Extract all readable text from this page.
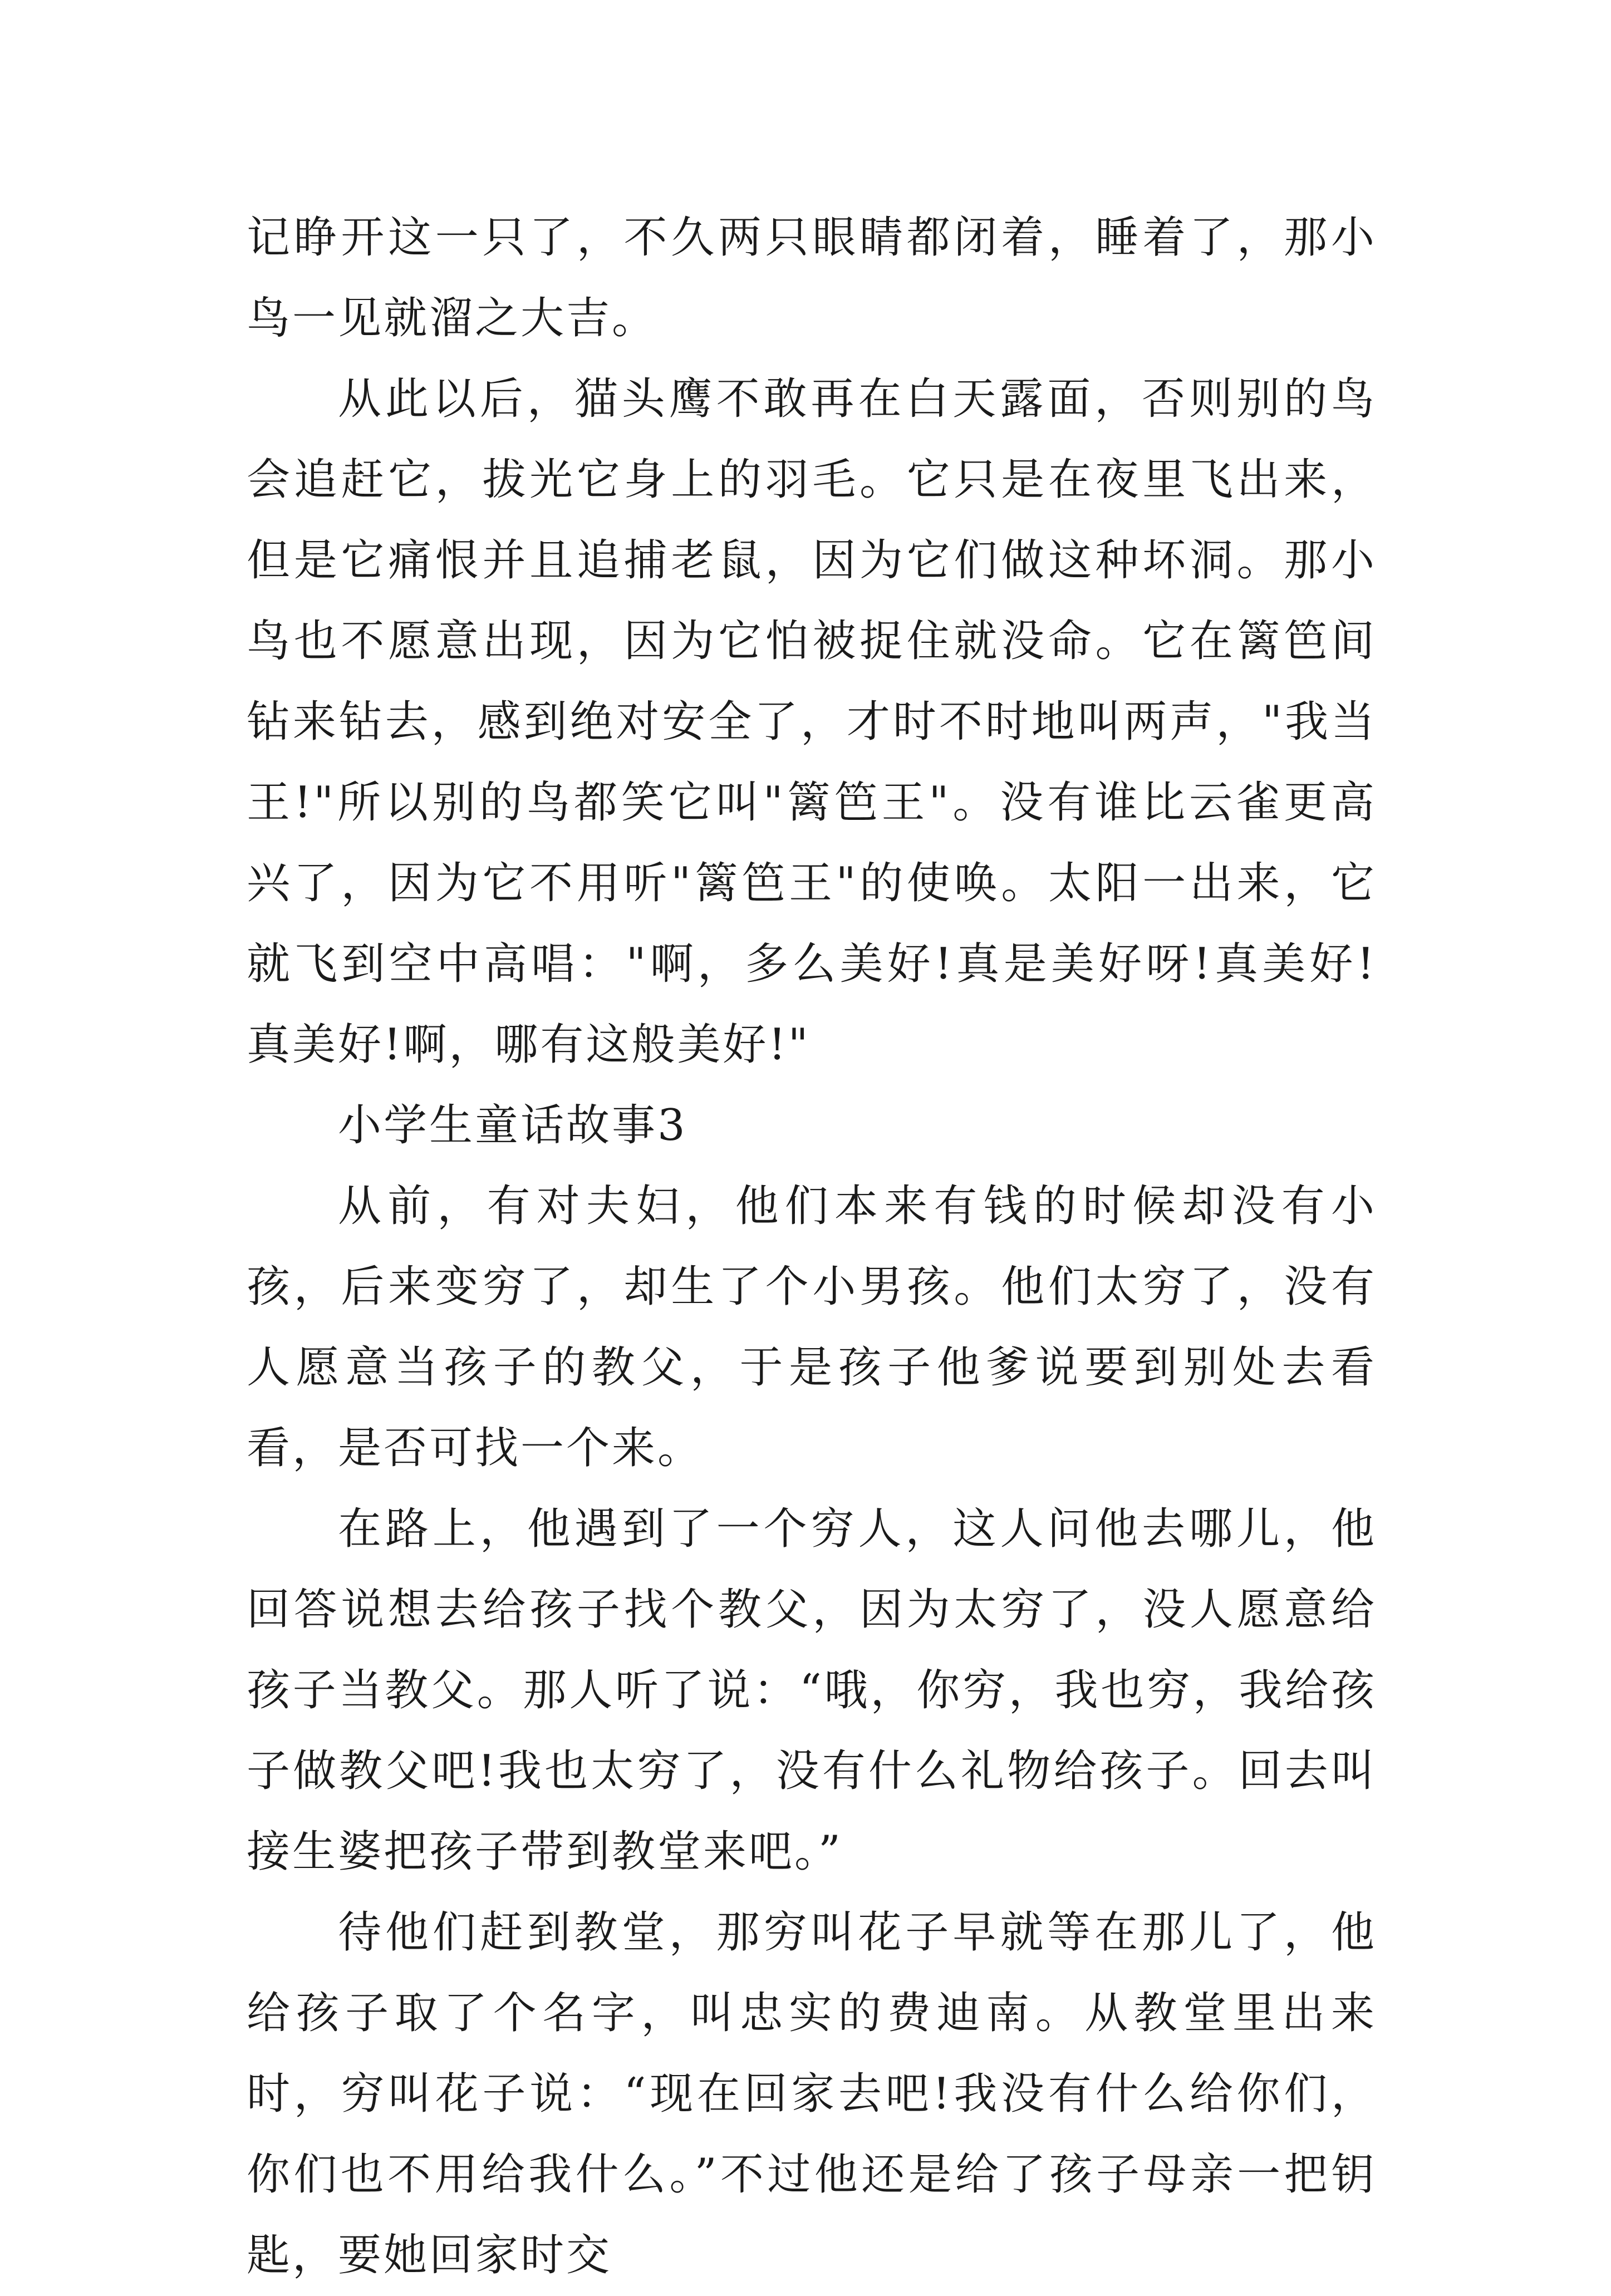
记睁开这一只了，不久两只眼睛都闭着，睡着了，那小鸟一见就溜之大吉。

从此以后，猫头鹰不敢再在白天露面，否则别的鸟会追赶它，拔光它身上的羽毛。它只是在夜里飞出来，但是它痛恨并且追捕老鼠，因为它们做这种坏洞。那小鸟也不愿意出现，因为它怕被捉住就没命。它在篱笆间钻来钻去，感到绝对安全了，才时不时地叫两声，"我当王!"所以别的鸟都笑它叫"篱笆王"。没有谁比云雀更高兴了，因为它不用听"篱笆王"的使唤。太阳一出来，它就飞到空中高唱："啊，多么美好!真是美好呀!真美好!真美好!啊，哪有这般美好!"

小学生童话故事3

从前，有对夫妇，他们本来有钱的时候却没有小孩，后来变穷了，却生了个小男孩。他们太穷了，没有人愿意当孩子的教父，于是孩子他爹说要到别处去看看，是否可找一个来。

在路上，他遇到了一个穷人，这人问他去哪儿，他回答说想去给孩子找个教父，因为太穷了，没人愿意给孩子当教父。那人听了说：“哦，你穷，我也穷，我给孩子做教父吧!我也太穷了，没有什么礼物给孩子。回去叫接生婆把孩子带到教堂来吧。”

待他们赶到教堂，那穷叫花子早就等在那儿了，他给孩子取了个名字，叫忠实的费迪南。从教堂里出来时，穷叫花子说：“现在回家去吧!我没有什么给你们，你们也不用给我什么。”不过他还是给了孩子母亲一把钥匙，要她回家时交
